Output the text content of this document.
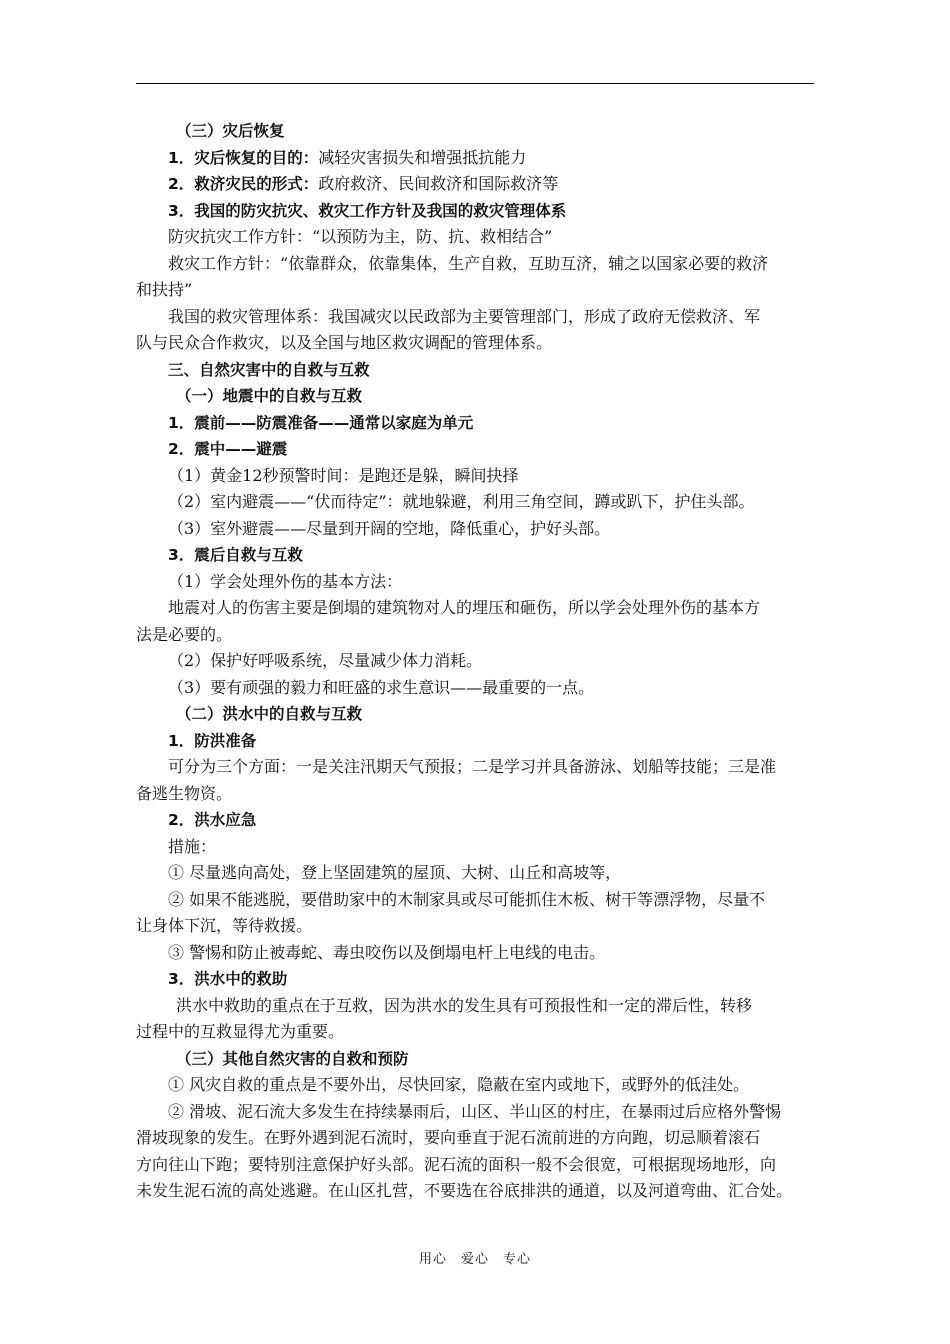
（三）灾后恢复
1．灾后恢复的目的：减轻灾害损失和增强抵抗能力
2．救济灾民的形式：政府救济、民间救济和国际救济等
3．我国的防灾抗灾、救灾工作方针及我国的救灾管理体系
防灾抗灾工作方针：“以预防为主，防、抗、救相结合”
救灾工作方针：“依靠群众，依靠集体，生产自救，互助互济，辅之以国家必要的救济
和扶持”
我国的救灾管理体系：我国减灾以民政部为主要管理部门，形成了政府无偿救济、军
队与民众合作救灾，以及全国与地区救灾调配的管理体系。
三、自然灾害中的自救与互救
（一）地震中的自救与互救
1．震前——防震准备——通常以家庭为单元
2．震中——避震
（1）黄金12秒预警时间：是跑还是躲，瞬间抉择
（2）室内避震——“伏而待定”：就地躲避，利用三角空间，蹲或趴下，护住头部。
（3）室外避震——尽量到开阔的空地，降低重心，护好头部。
3．震后自救与互救
（1）学会处理外伤的基本方法：
地震对人的伤害主要是倒塌的建筑物对人的埋压和砸伤，所以学会处理外伤的基本方
法是必要的。
（2）保护好呼吸系统，尽量减少体力消耗。
（3）要有顽强的毅力和旺盛的求生意识——最重要的一点。
（二）洪水中的自救与互救
1．防洪准备
可分为三个方面：一是关注汛期天气预报；二是学习并具备游泳、划船等技能；三是准
备逃生物资。
2．洪水应急
措施：
① 尽量逃向高处，登上坚固建筑的屋顶、大树、山丘和高坡等，
② 如果不能逃脱，要借助家中的木制家具或尽可能抓住木板、树干等漂浮物，尽量不
让身体下沉，等待救援。
③ 警惕和防止被毒蛇、毒虫咬伤以及倒塌电杆上电线的电击。
3．洪水中的救助
洪水中救助的重点在于互救，因为洪水的发生具有可预报性和一定的滞后性，转移
过程中的互救显得尤为重要。
（三）其他自然灾害的自救和预防
① 风灾自救的重点是不要外出，尽快回家，隐蔽在室内或地下，或野外的低洼处。
② 滑坡、泥石流大多发生在持续暴雨后，山区、半山区的村庄，在暴雨过后应格外警惕
滑坡现象的发生。在野外遇到泥石流时，要向垂直于泥石流前进的方向跑，切忌顺着滚石
方向往山下跑；要特别注意保护好头部。泥石流的面积一般不会很宽，可根据现场地形，向
未发生泥石流的高处逃避。在山区扎营，不要选在谷底排洪的通道，以及河道弯曲、汇合处。
用心　爱心　专心
